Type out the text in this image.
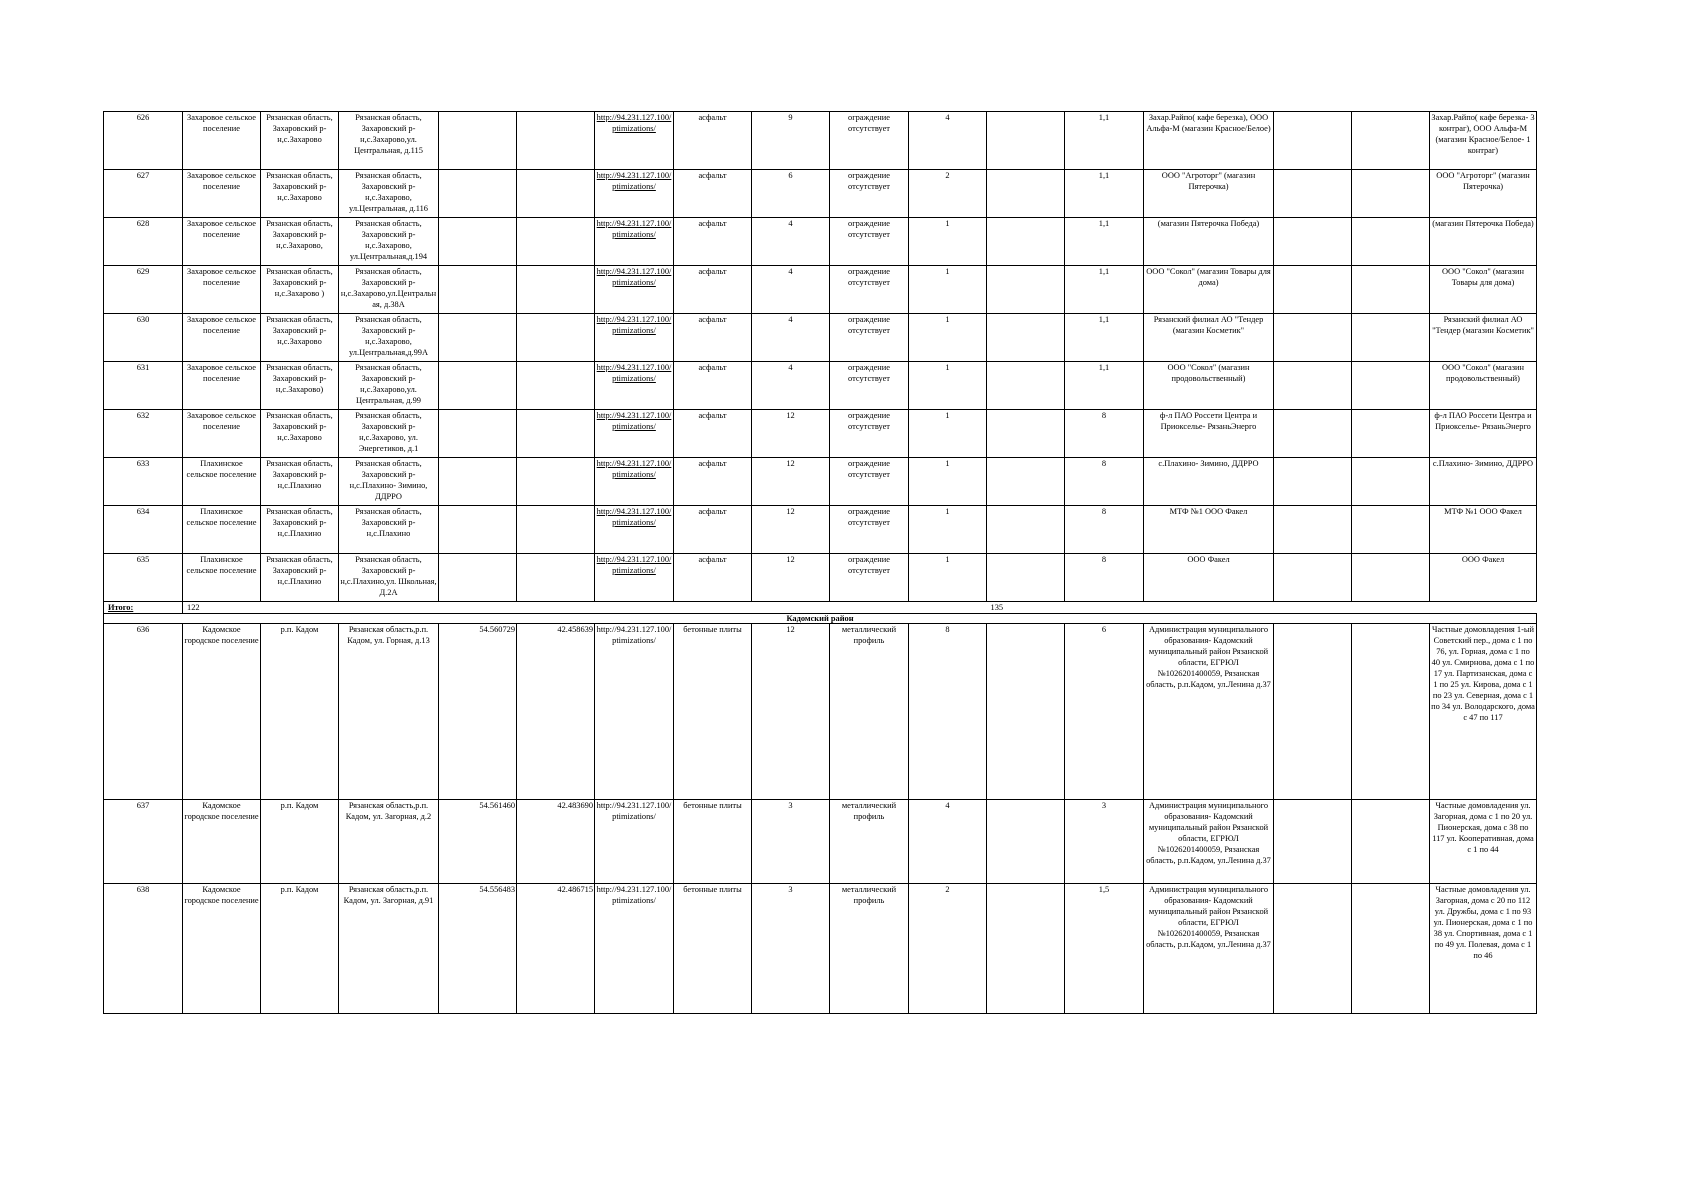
626	Захаровое сельское поселение	Рязанская область, Захаровский р-н,с.Захарово	Рязанская область, Захаровский р-н,с.Захарово,ул. Центральная, д.115			http://94.231.127.100/ptimizations/	асфальт	9	ограждение отсутствует	4		1,1	Захар.Райпо( кафе березка), ООО Альфа-М (магазин Красное/Белое)			Захар.Райпо( кафе березка- 3 контраг), ООО Альфа-М (магазин Красное/Белое- 1 контраг)
627	Захаровое сельское поселение	Рязанская область, Захаровский р-н,с.Захарово	Рязанская область, Захаровский р-н,с.Захарово, ул.Центральная, д.116			http://94.231.127.100/ptimizations/	асфальт	6	ограждение отсутствует	2		1,1	ООО "Агроторг" (магазин Пятерочка)			ООО "Агроторг" (магазин Пятерочка)
628	Захаровое сельское поселение	Рязанская область, Захаровский р-н,с.Захарово,	Рязанская область, Захаровский р-н,с.Захарово, ул.Центральная,д.194			http://94.231.127.100/ptimizations/	асфальт	4	ограждение отсутствует	1		1,1	(магазин Пятерочка Победа)			(магазин Пятерочка Победа)
629	Захаровое сельское поселение	Рязанская область, Захаровский р-н,с.Захарово )	Рязанская область, Захаровский р-н,с.Захарово,ул.Центральная, д.38А			http://94.231.127.100/ptimizations/	асфальт	4	ограждение отсутствует	1		1,1	ООО "Сокол" (магазин Товары для дома)			ООО "Сокол" (магазин Товары для дома)
630	Захаровое сельское поселение	Рязанская область, Захаровский р-н,с.Захарово	Рязанская область, Захаровский р-н,с.Захарово, ул.Центральная,д.99А			http://94.231.127.100/ptimizations/	асфальт	4	ограждение отсутствует	1		1,1	Рязанский филиал АО "Тендер (магазин Косметик"			Рязанский филиал АО "Тендер (магазин Косметик"
631	Захаровое сельское поселение	Рязанская область, Захаровский р-н,с.Захарово)	Рязанская область, Захаровский р-н,с.Захарово,ул. Центральная, д.99			http://94.231.127.100/ptimizations/	асфальт	4	ограждение отсутствует	1		1,1	ООО "Сокол" (магазин продовольственный)			ООО "Сокол" (магазин продовольственный)
632	Захаровое сельское поселение	Рязанская область, Захаровский р-н,с.Захарово	Рязанская область, Захаровский р-н,с.Захарово, ул. Энергетиков, д.1			http://94.231.127.100/ptimizations/	асфальт	12	ограждение отсутствует	1		8	ф-л ПАО Россети Центра и Приокселье- РязаньЭнерго			ф-л ПАО Россети Центра и Приокселье- РязаньЭнерго
633	Плахинское сельское поселение	Рязанская область, Захаровский р-н,с.Плахино	Рязанская область, Захаровский р-н,с.Плахино- Зимино, ДДРРО			http://94.231.127.100/ptimizations/	асфальт	12	ограждение отсутствует	1		8	с.Плахино- Зимино, ДДРРО			с.Плахино- Зимино, ДДРРО
634	Плахинское сельское поселение	Рязанская область, Захаровский р-н,с.Плахино	Рязанская область, Захаровский р-н,с.Плахино			http://94.231.127.100/ptimizations/	асфальт	12	ограждение отсутствует	1		8	МТФ №1 ООО Факел			МТФ №1 ООО Факел
635	Плахинское сельское поселение	Рязанская область, Захаровский р-н,с.Плахино	Рязанская область, Захаровский р-н,с.Плахино,ул. Школьная, Д.2А			http://94.231.127.100/ptimizations/	асфальт	12	ограждение отсутствует	1		8	ООО Факел			ООО Факел
Итого:	122										135					
Кадомский район																
636	Кадомское городское поселение	р.п. Кадом	Рязанская область,р.п. Кадом, ул. Горная, д.13	54.560729	42.458639	http://94.231.127.100/ptimizations/	бетонные плиты	12	металлический профиль	8		6	Администрация муниципального образования- Кадомский муниципальный район Рязанской области, ЕГРЮЛ №1026201400059, Рязанская область, р.п.Кадом, ул.Ленина д.37			Частные домовладения 1-ый Советский пер., дома с 1 по 76, ул. Горная, дома с 1 по 40 ул. Смирнова, дома с 1 по 17 ул. Партизанская, дома с 1 по 25 ул. Кирова, дома с 1 по 23 ул. Северная, дома с 1 по 34 ул. Володарского, дома с 47 по 117
637	Кадомское городское поселение	р.п. Кадом	Рязанская область,р.п. Кадом, ул. Загорная, д.2	54.561460	42.483690	http://94.231.127.100/ptimizations/	бетонные плиты	3	металлический профиль	4		3	Администрация муниципального образования- Кадомский муниципальный район Рязанской области, ЕГРЮЛ №1026201400059, Рязанская область, р.п.Кадом, ул.Ленина д.37			Частные домовладения ул. Загорная, дома с 1 по 20 ул. Пионерская, дома с 38 по 117 ул. Кооперативная, дома с 1 по 44
638	Кадомское городское поселение	р.п. Кадом	Рязанская область,р.п. Кадом, ул. Загорная, д.91	54.556483	42.486715	http://94.231.127.100/ptimizations/	бетонные плиты	3	металлический профиль	2		1,5	Администрация муниципального образования- Кадомский муниципальный район Рязанской области, ЕГРЮЛ №1026201400059, Рязанская область, р.п.Кадом, ул.Ленина д.37			Частные домовладения ул. Загорная, дома с 20 по 112 ул. Дружбы, дома с 1 по 93 ул. Пионерская, дома с 1 по 38 ул. Спортивная, дома с 1 по 49 ул. Полевая, дома с 1 по 46
